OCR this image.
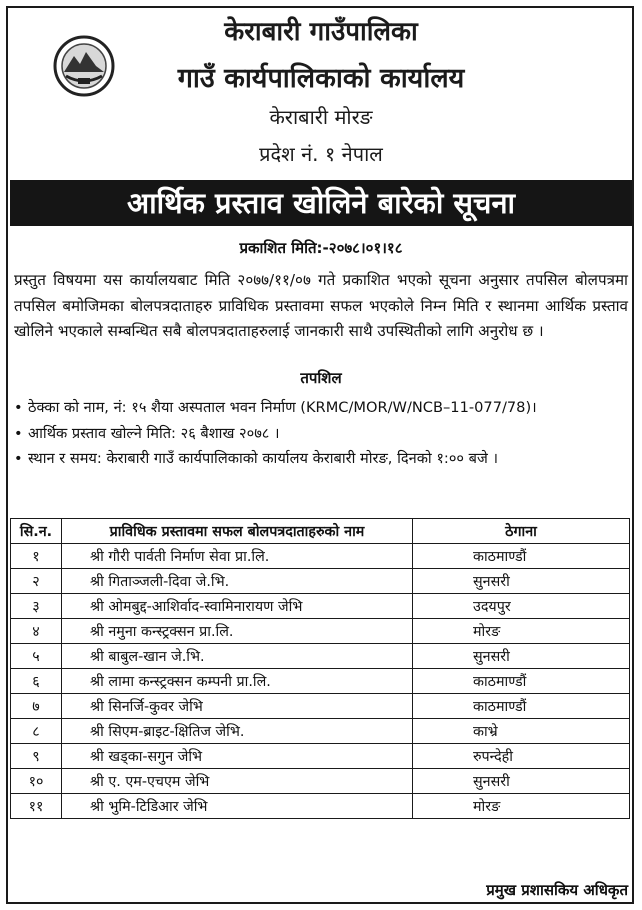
केराबारी गाउँपालिका
गाउँ कार्यपालिकाको कार्यालय
केराबारी मोरङ
प्रदेश नं. १ नेपाल
आर्थिक प्रस्ताव खोलिने बारेको सूचना
प्रकाशित मिति:-२०७८।०१।१८
प्रस्तुत विषयमा यस कार्यालयबाट मिति २०७७/११/०७ गते प्रकाशित भएको सूचना अनुसार तपसिल बोलपत्रमा तपसिल बमोजिमका बोलपत्रदाताहरु प्राविधिक प्रस्तावमा सफल भएकोले निम्न मिति र स्थानमा आर्थिक प्रस्ताव खोलिने भएकाले सम्बन्धित सबै बोलपत्रदाताहरुलाई जानकारी साथै उपस्थितीको लागि अनुरोध छ ।
तपशिल
• ठेक्का को नाम, नं: १५ शैया अस्पताल भवन निर्माण (KRMC/MOR/W/NCB–11-077/78)।
• आर्थिक प्रस्ताव खोल्ने मिति: २६ बैशाख २०७८ ।
• स्थान र समय: केराबारी गाउँ कार्यपालिकाको कार्यालय केराबारी मोरङ, दिनको १:०० बजे ।
सि.न.	प्राविधिक प्रस्तावमा सफल बोलपत्रदाताहरुको नाम	ठेगाना
१	श्री गौरी पार्वती निर्माण सेवा प्रा.लि.	काठमाण्डौं
२	श्री गिताञ्जली-दिवा जे.भि.	सुनसरी
३	श्री ओमबुद्द-आशिर्वाद-स्वामिनारायण जेभि	उदयपुर
४	श्री नमुना कन्स्ट्रक्सन प्रा.लि.	मोरङ
५	श्री बाबुल-खान जे.भि.	सुनसरी
६	श्री लामा कन्स्ट्रक्सन कम्पनी प्रा.लि.	काठमाण्डौं
७	श्री सिनर्जि-कुवर जेभि	काठमाण्डौं
८	श्री सिएम-ब्राइट-क्षितिज जेभि.	काभ्रे
९	श्री खड्का-सगुन जेभि	रुपन्देही
१०	श्री ए. एम-एचएम जेभि	सुनसरी
११	श्री भुमि-टिडिआर जेभि	मोरङ
प्रमुख प्रशासकिय अधिकृत
